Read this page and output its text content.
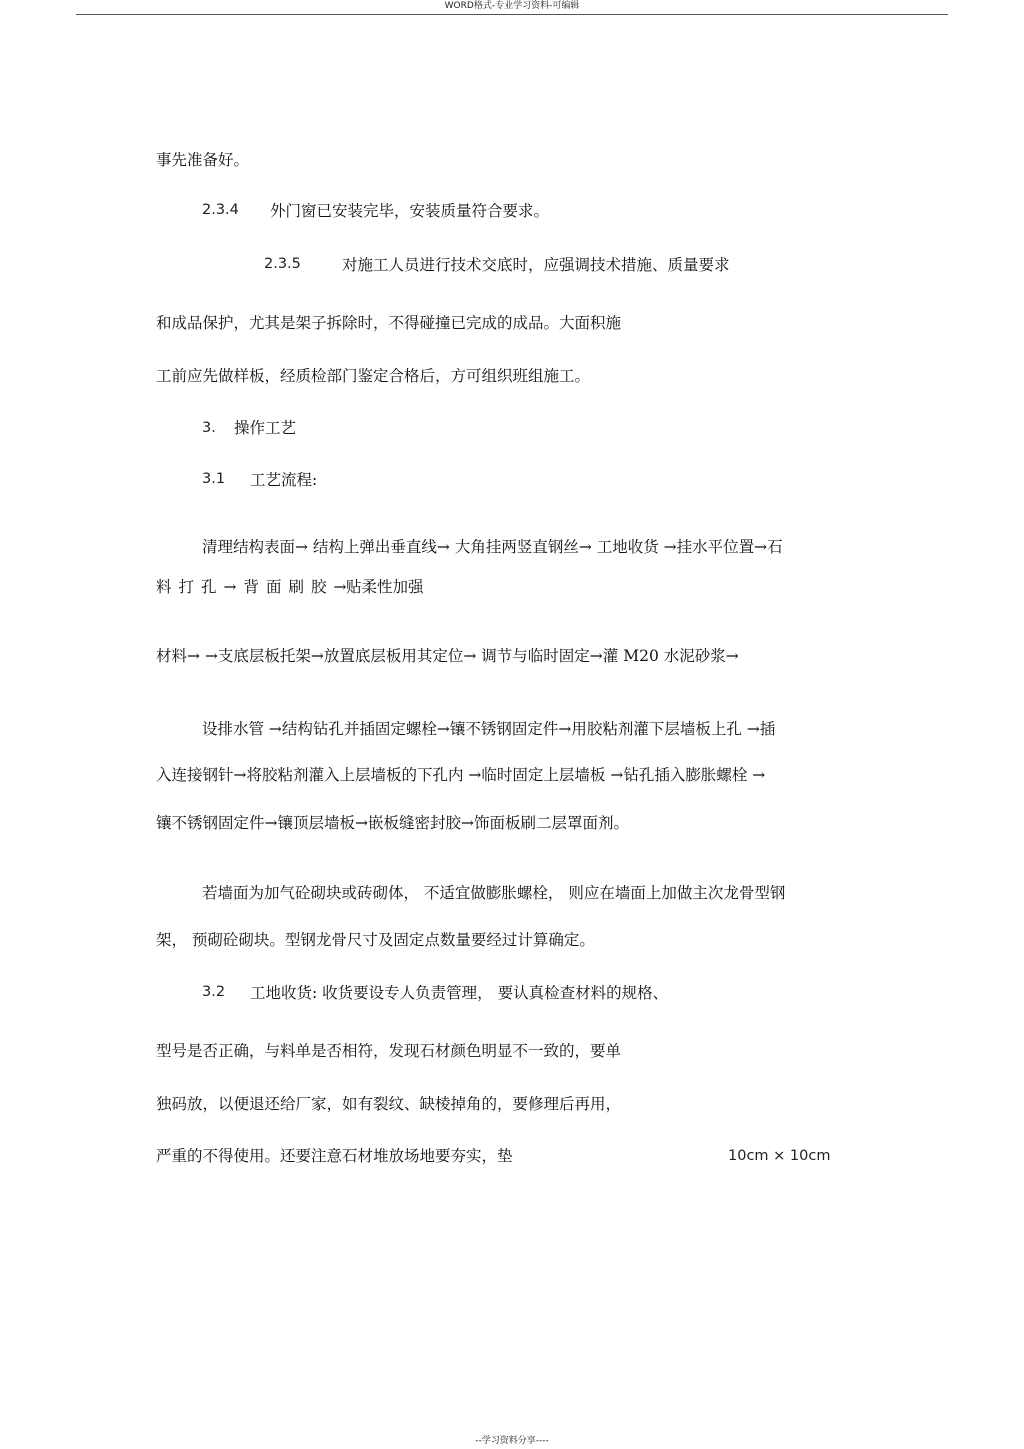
WORD格式-专业学习资料-可编辑
事先准备好。
2.3.4 外门窗已安装完毕，安装质量符合要求。
2.3.5	对施工人员进行技术交底时，应强调技术措施、质量要求
和成品保护，尤其是架子拆除时，不得碰撞已完成的成品。大面积施
工前应先做样板，经质检部门鉴定合格后，方可组织班组施工。
3． 操作工艺
3.1 工艺流程:
清理结构表面→ 结构上弹出垂直线→ 大角挂两竖直钢丝→ 工地收货 →挂水平位置→石
料打孔→背面刷胶→
贴柔性加强
材料→ →支底层板托架→放置底层板用其定位→ 调节与临时固定→灌 M20 水泥砂浆→
设排水管 →结构钻孔并插固定螺栓→镶不锈钢固定件→用胶粘剂灌下层墙板上孔 →插
入连接钢针→将胶粘剂灌入上层墙板的下孔内 →临时固定上层墙板 →钻孔插入膨胀螺栓 →
镶不锈钢固定件→镶顶层墙板→嵌板缝密封胶→饰面板刷二层罩面剂。
若墙面为加气砼砌块或砖砌体， 不适宜做膨胀螺栓， 则应在墙面上加做主次龙骨型钢
架， 预砌砼砌块。型钢龙骨尺寸及固定点数量要经过计算确定。
3.2 工地收货: 收货要设专人负责管理， 要认真检查材料的规格、
型号是否正确，与料单是否相符，发现石材颜色明显不一致的，要单
独码放，以便退还给厂家，如有裂纹、缺棱掉角的，要修理后再用，
严重的不得使用。还要注意石材堆放场地要夯实，垫	10cm × 10cm
--学习资料分享----
